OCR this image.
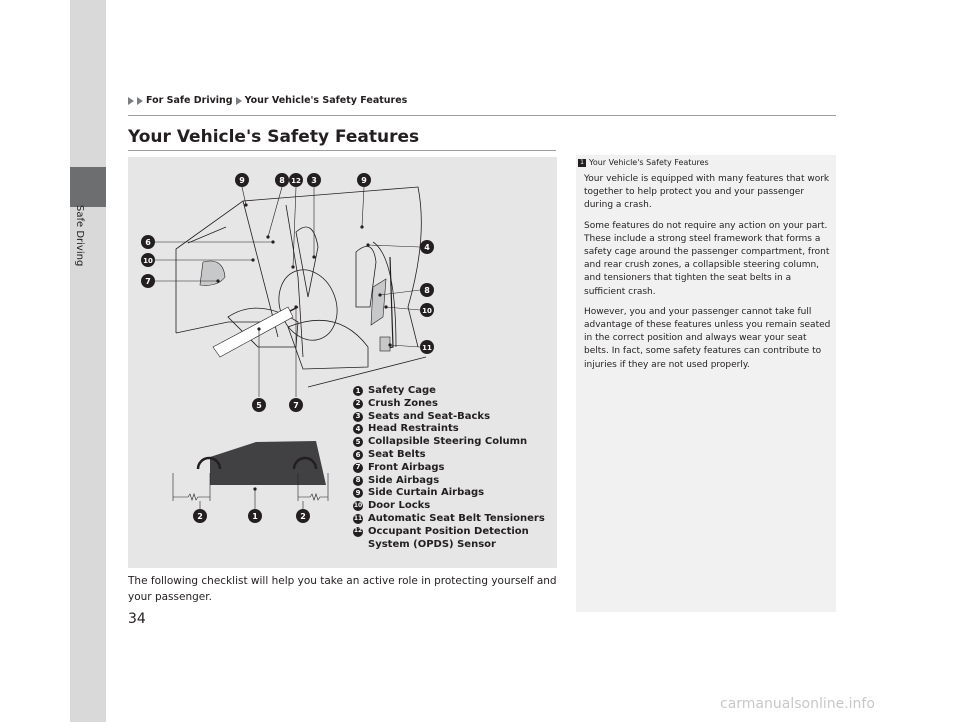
Safe Driving
For Safe Driving Your Vehicle's Safety Features
Your Vehicle's Safety Features
9	8 12 3	9
6
10
7
4
8
10
11
5	7
2	1	2
1 Safety Cage
2 Crush Zones
3 Seats and Seat-Backs
4 Head Restraints
5 Collapsible Steering Column
6 Seat Belts
7 Front Airbags
8 Side Airbags
9 Side Curtain Airbags
10 Door Locks
11 Automatic Seat Belt Tensioners
12 Occupant Position Detection
System (OPDS) Sensor
The following checklist will help you take an active role in protecting yourself and your passenger.
1 Your Vehicle's Safety Features

Your vehicle is equipped with many features that work together to help protect you and your passenger during a crash.

Some features do not require any action on your part. These include a strong steel framework that forms a safety cage around the passenger compartment, front and rear crush zones, a collapsible steering column, and tensioners that tighten the seat belts in a sufficient crash.

However, you and your passenger cannot take full advantage of these features unless you remain seated in the correct position and always wear your seat belts. In fact, some safety features can contribute to injuries if they are not used properly.

34
carmanualsonline.info
